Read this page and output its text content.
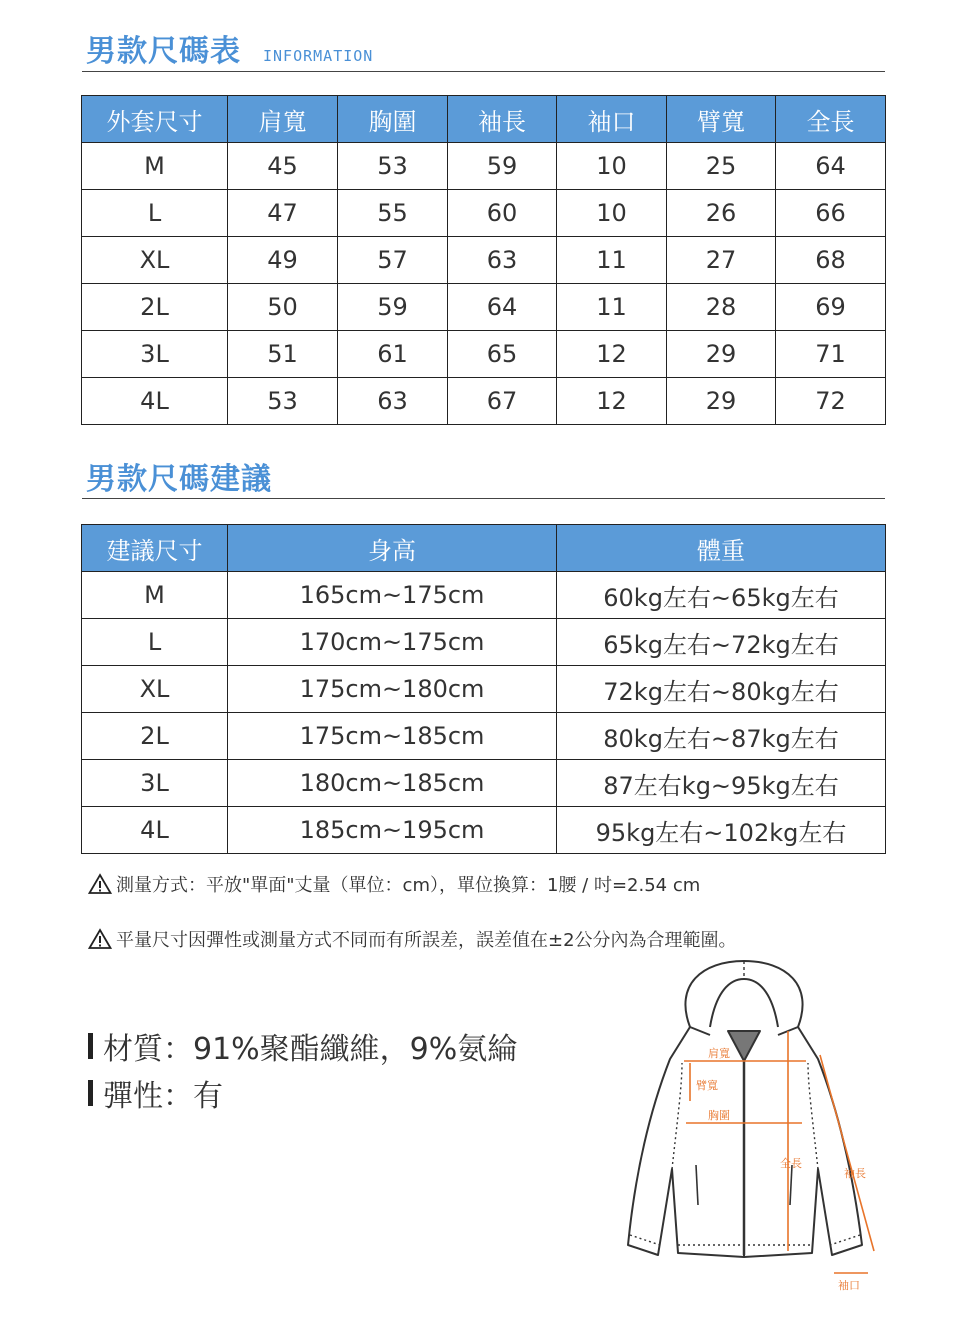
男款尺碼表 INFORMATION
外套尺寸	肩寬	胸圍	袖長	袖口	臂寬	全長
M	45	53	59	10	25	64
L	47	55	60	10	26	66
XL	49	57	63	11	27	68
2L	50	59	64	11	28	69
3L	51	61	65	12	29	71
4L	53	63	67	12	29	72
男款尺碼建議
建議尺寸	身高	體重
M	165cm~175cm	60kg左右~65kg左右
L	170cm~175cm	65kg左右~72kg左右
XL	175cm~180cm	72kg左右~80kg左右
2L	175cm~185cm	80kg左右~87kg左右
3L	180cm~185cm	87左右kg~95kg左右
4L	185cm~195cm	95kg左右~102kg左右
測量方式：平放"單面"丈量（單位：cm），單位換算：1腰 / 吋=2.54 cm
平量尺寸因彈性或測量方式不同而有所誤差，誤差值在±2公分內為合理範圍。
材質：91%聚酯纖維，9%氨綸
彈性：有
肩寬
臂寬
胸圍
全長
袖長
袖口
